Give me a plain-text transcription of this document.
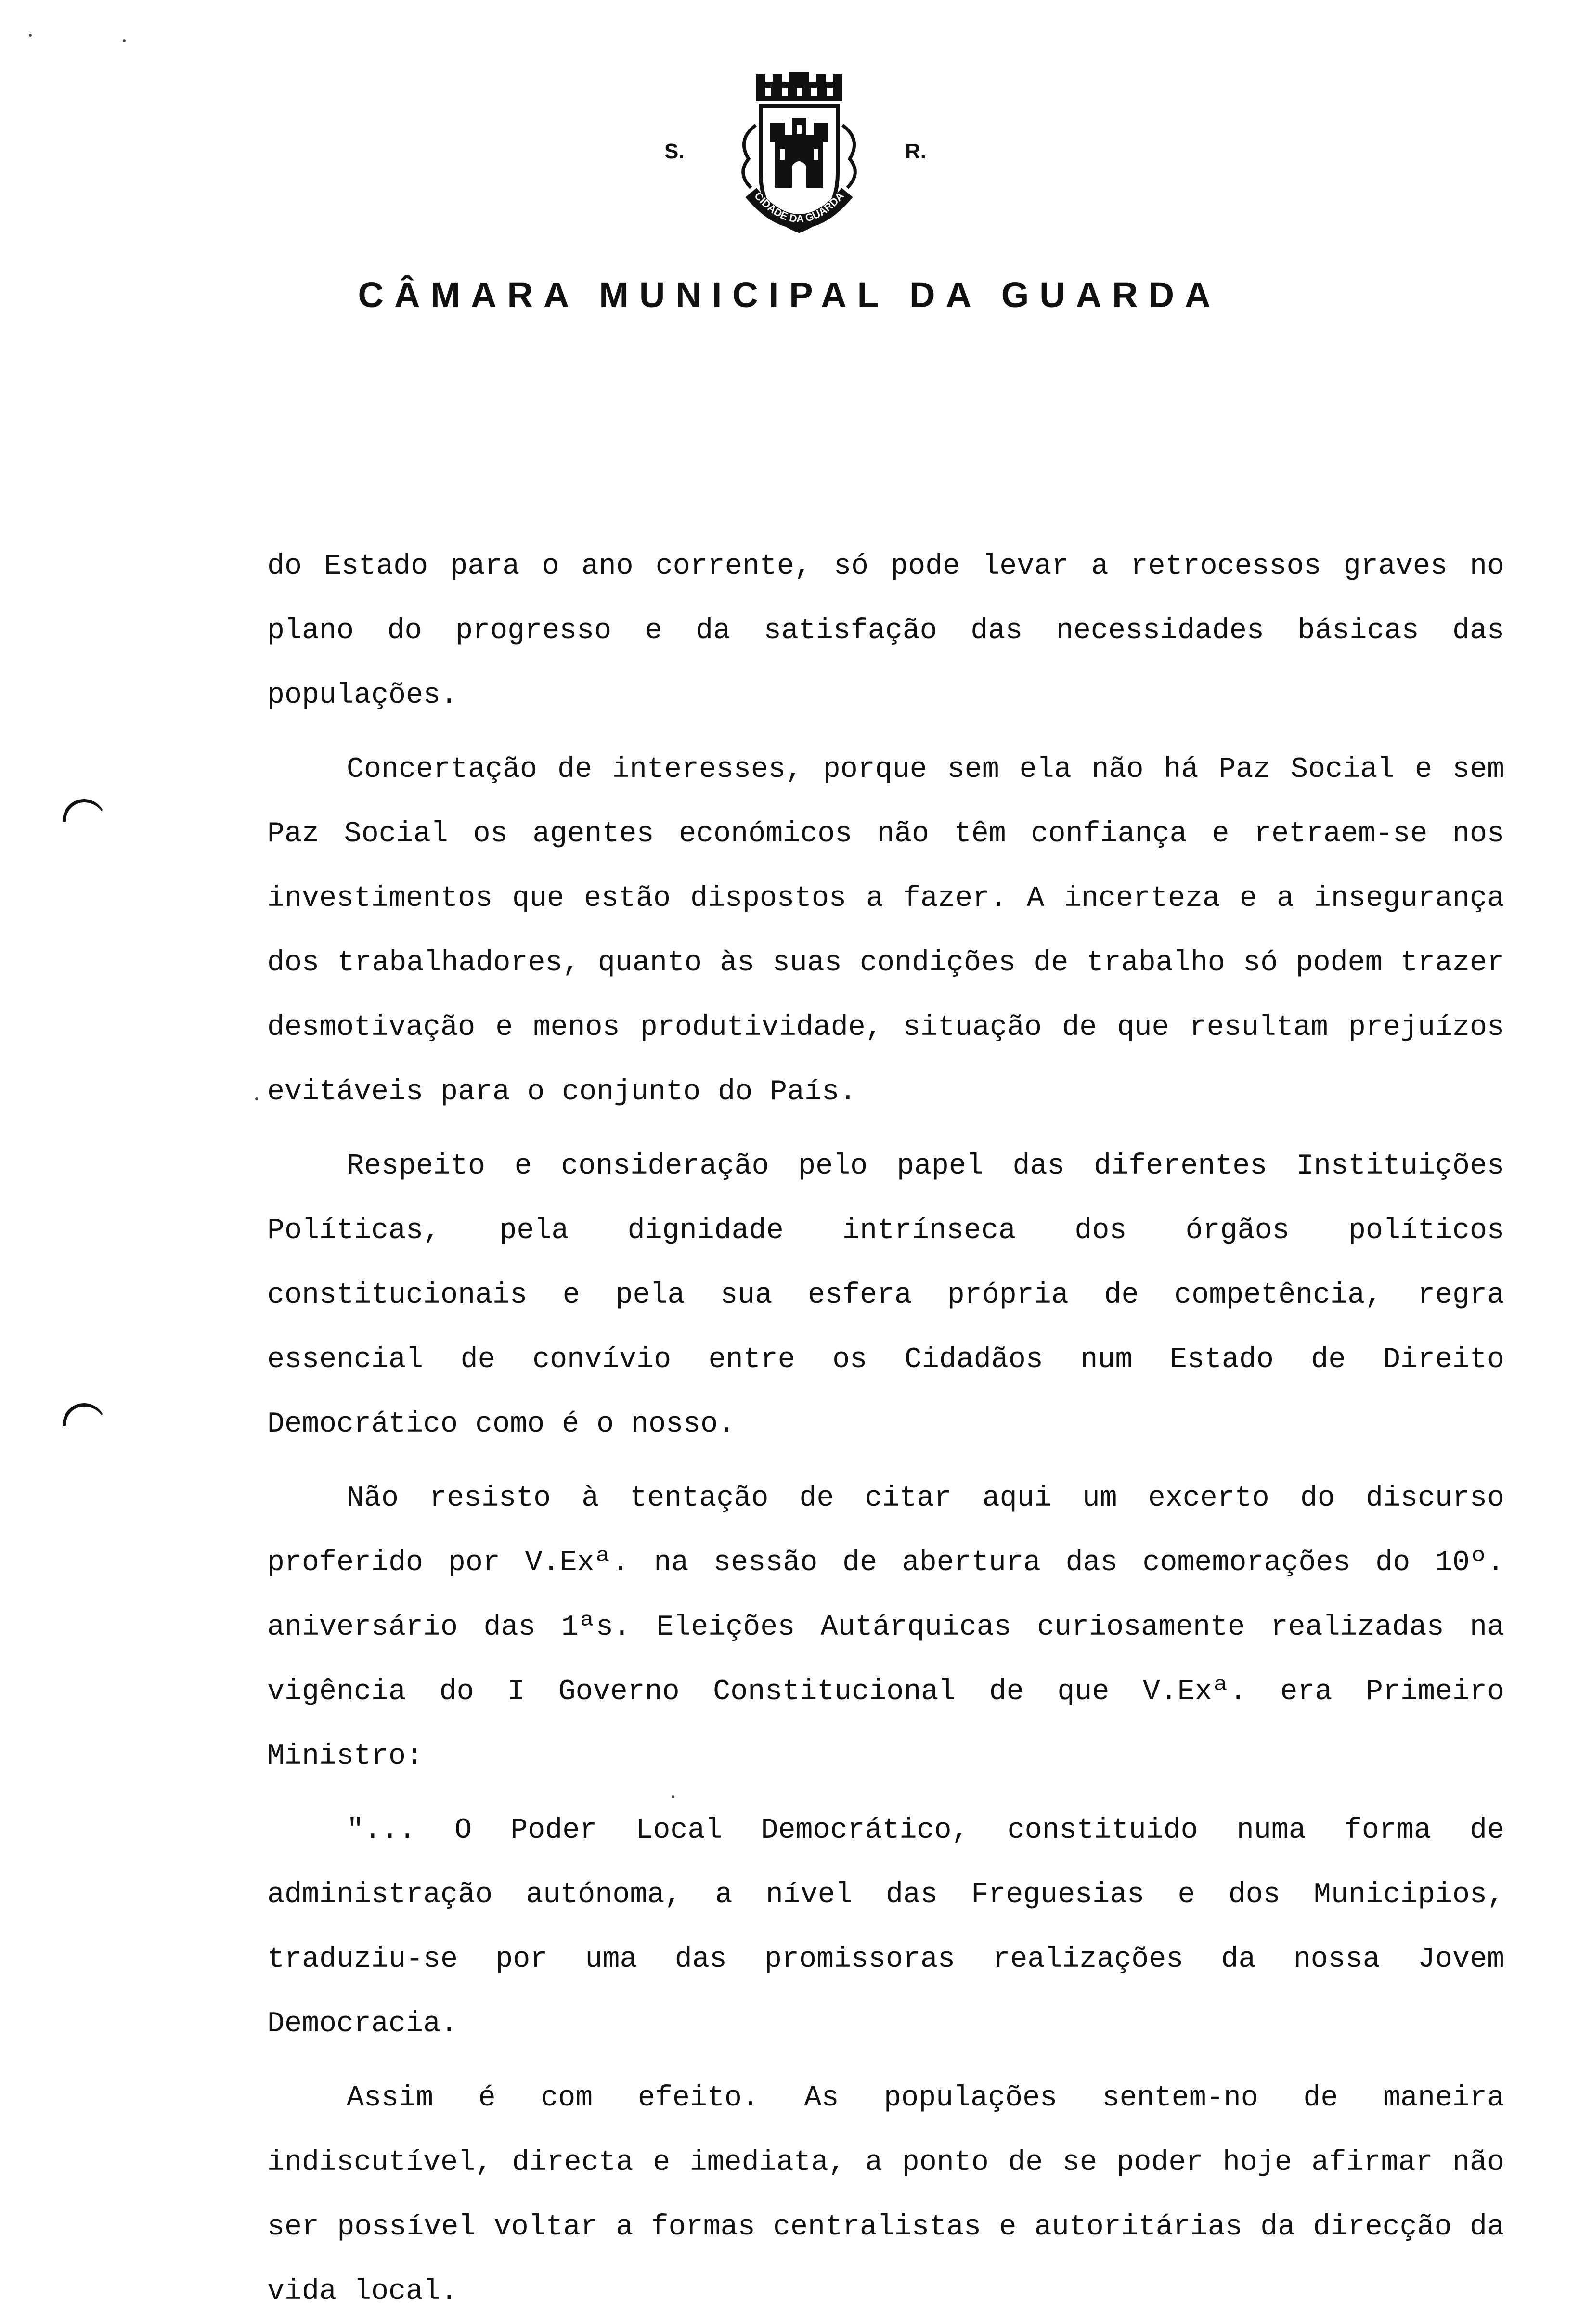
S.
CIDADE DA GUARDA
R.
CÂMARA MUNICIPAL DA GUARDA

do Estado para o ano corrente, só pode levar a retrocessos graves no plano do progresso e da satisfação das necessidades básicas das populações.

Concertação de interesses, porque sem ela não há Paz Social e sem Paz Social os agentes económicos não têm confiança e retraem-se nos investimentos que estão dispostos a fazer. A incerteza e a insegurança dos trabalhadores, quanto às suas condições de trabalho só podem trazer desmotivação e menos produtividade, situação de que resultam prejuízos evitáveis para o conjunto do País.

Respeito e consideração pelo papel das diferentes Instituições Políticas, pela dignidade intrínseca dos órgãos políticos constitucionais e pela sua esfera própria de competência, regra essencial de convívio entre os Cidadãos num Estado de Direito Democrático como é o nosso.

Não resisto à tentação de citar aqui um excerto do discurso proferido por V.Exª. na sessão de abertura das comemorações do 10º. aniversário das 1ªs. Eleições Autárquicas curiosamente realizadas na vigência do I Governo Constitucional de que V.Exª. era Primeiro Ministro:

"... O Poder Local Democrático, constituido numa forma de administração autónoma, a nível das Freguesias e dos Municipios, traduziu-se por uma das promissoras realizações da nossa Jovem Democracia.

Assim é com efeito. As populações sentem-no de maneira indiscutível, directa e imediata, a ponto de se poder hoje afirmar não ser possível voltar a formas centralistas e autoritárias da direcção da vida local.
